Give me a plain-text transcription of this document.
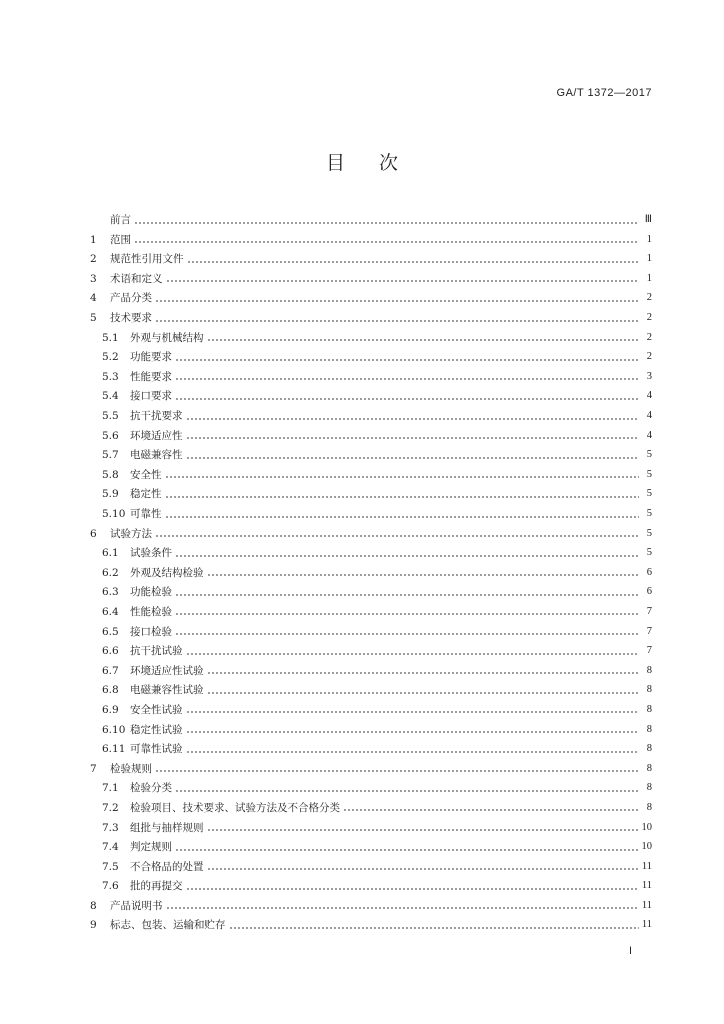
GA/T 1372—2017
目次
前言	Ⅲ
1	范围	1
2	规范性引用文件	1
3	术语和定义	1
4	产品分类	2
5	技术要求	2
5.1	外观与机械结构	2
5.2	功能要求	2
5.3	性能要求	3
5.4	接口要求	4
5.5	抗干扰要求	4
5.6	环境适应性	4
5.7	电磁兼容性	5
5.8	安全性	5
5.9	稳定性	5
5.10 可靠性	5
6	试验方法	5
6.1	试验条件	5
6.2	外观及结构检验	6
6.3	功能检验	6
6.4	性能检验	7
6.5	接口检验	7
6.6	抗干扰试验	7
6.7	环境适应性试验	8
6.8	电磁兼容性试验	8
6.9	安全性试验	8
6.10 稳定性试验	8
6.11 可靠性试验	8
7	检验规则	8
7.1	检验分类	8
7.2	检验项目、技术要求、试验方法及不合格分类	8
7.3	组批与抽样规则	10
7.4	判定规则	10
7.5	不合格品的处置	11
7.6	批的再提交	11
8	产品说明书	11
9	标志、包装、运输和贮存	11
Ⅰ
